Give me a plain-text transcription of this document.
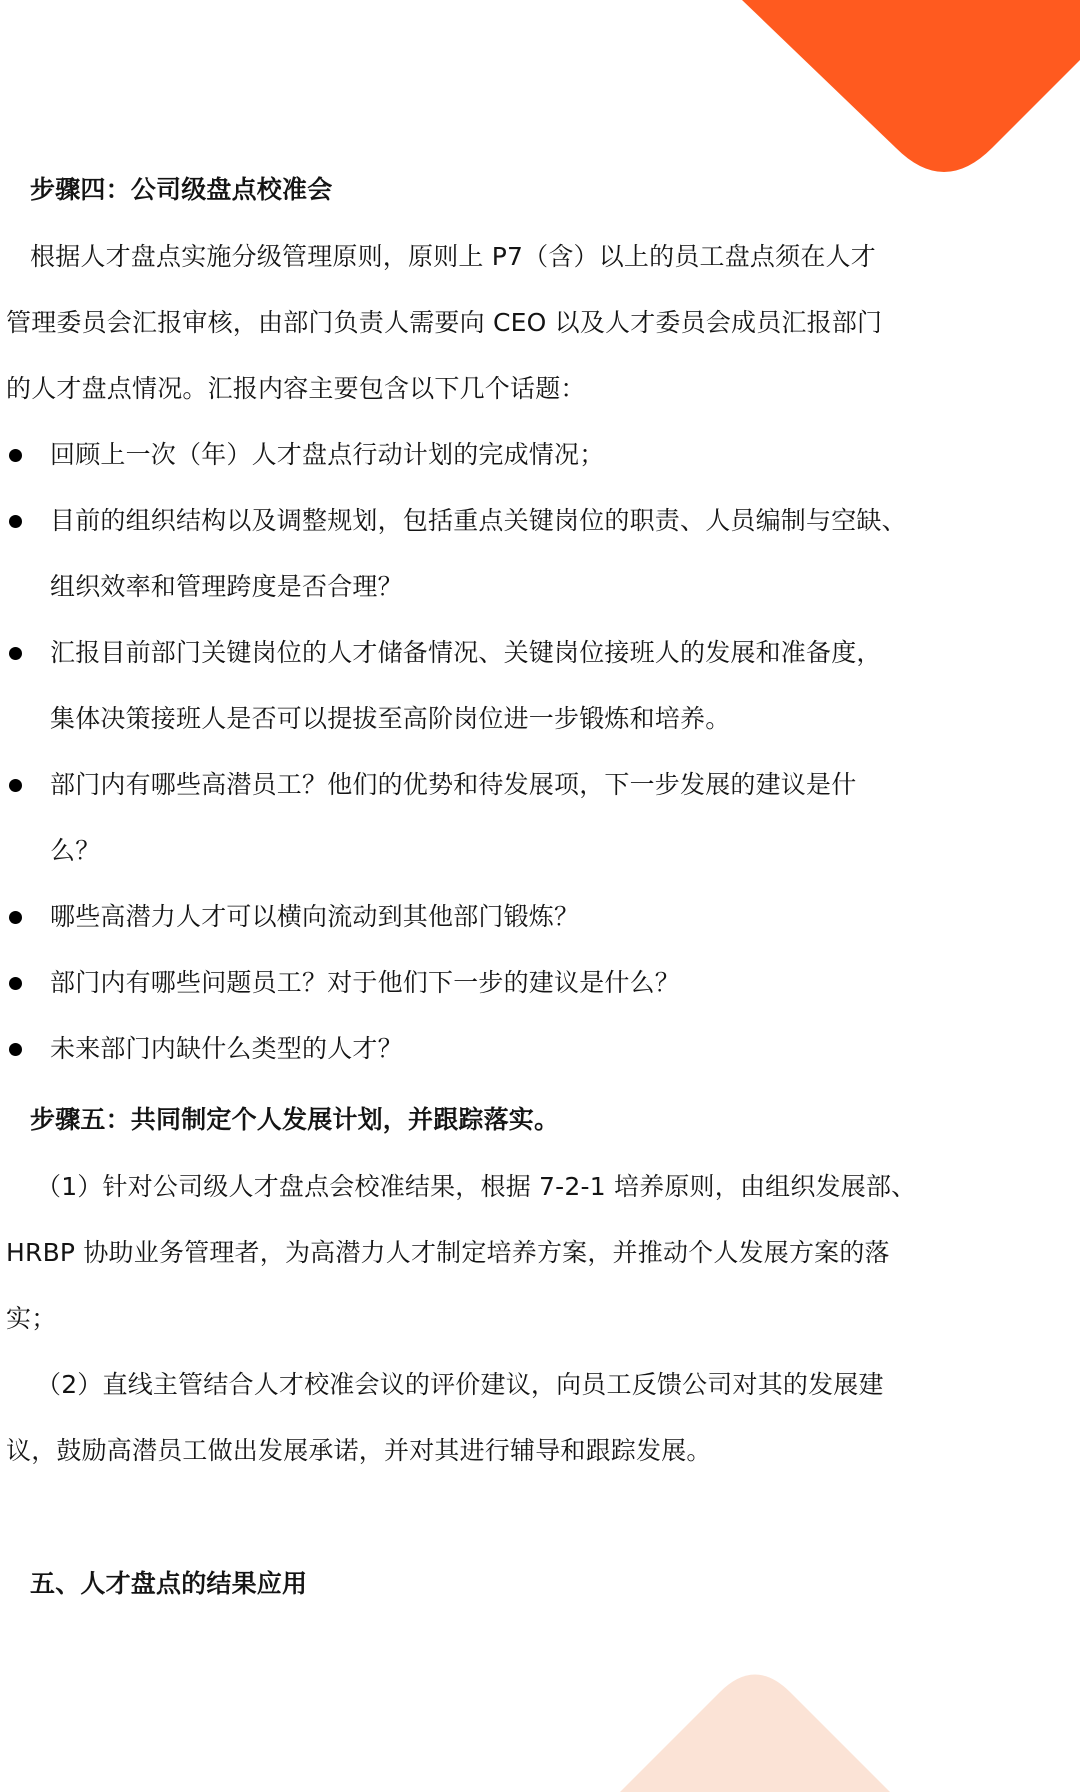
步骤四：公司级盘点校准会
根据人才盘点实施分级管理原则，原则上 P7（含）以上的员工盘点须在人才
管理委员会汇报审核，由部门负责人需要向 CEO 以及人才委员会成员汇报部门
的人才盘点情况。汇报内容主要包含以下几个话题：
回顾上一次（年）人才盘点行动计划的完成情况；
目前的组织结构以及调整规划，包括重点关键岗位的职责、人员编制与空缺、
组织效率和管理跨度是否合理？
汇报目前部门关键岗位的人才储备情况、关键岗位接班人的发展和准备度，
集体决策接班人是否可以提拔至高阶岗位进一步锻炼和培养。
部门内有哪些高潜员工？他们的优势和待发展项，下一步发展的建议是什
么？
哪些高潜力人才可以横向流动到其他部门锻炼？
部门内有哪些问题员工？对于他们下一步的建议是什么？
未来部门内缺什么类型的人才？
步骤五：共同制定个人发展计划，并跟踪落实。
（1）针对公司级人才盘点会校准结果，根据 7-2-1 培养原则，由组织发展部、
HRBP 协助业务管理者，为高潜力人才制定培养方案，并推动个人发展方案的落
实；
（2）直线主管结合人才校准会议的评价建议，向员工反馈公司对其的发展建
议，鼓励高潜员工做出发展承诺，并对其进行辅导和跟踪发展。
五、人才盘点的结果应用
